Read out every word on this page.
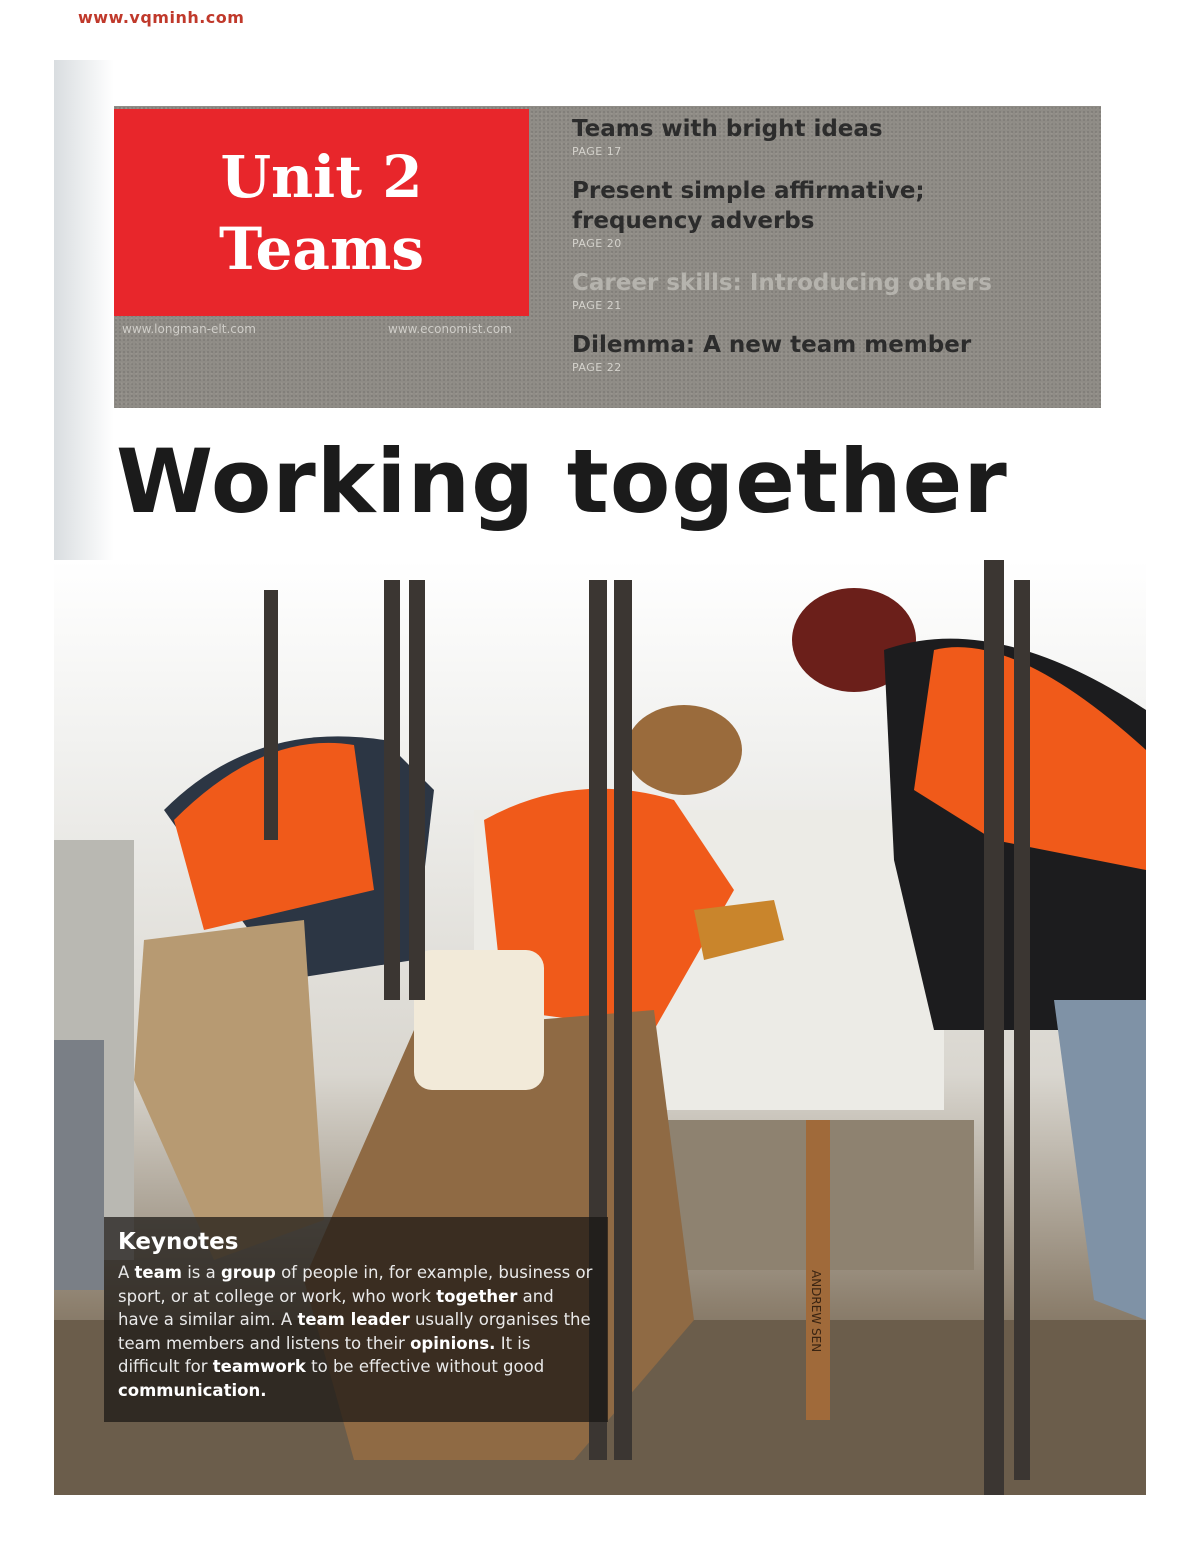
www.vqminh.com
Unit 2
Teams
www.longman-elt.com	www.economist.com
Teams with bright ideas
PAGE 17
Present simple affirmative;
frequency adverbs
PAGE 20
Career skills: Introducing others
PAGE 21
Dilemma: A new team member
PAGE 22
Working together
ANDREW SEN
Keynotes
A team is a group of people in, for example, business or sport, or at college or work, who work together and have a similar aim. A team leader usually organises the team members and listens to their opinions. It is difficult for teamwork to be effective without good communication.
